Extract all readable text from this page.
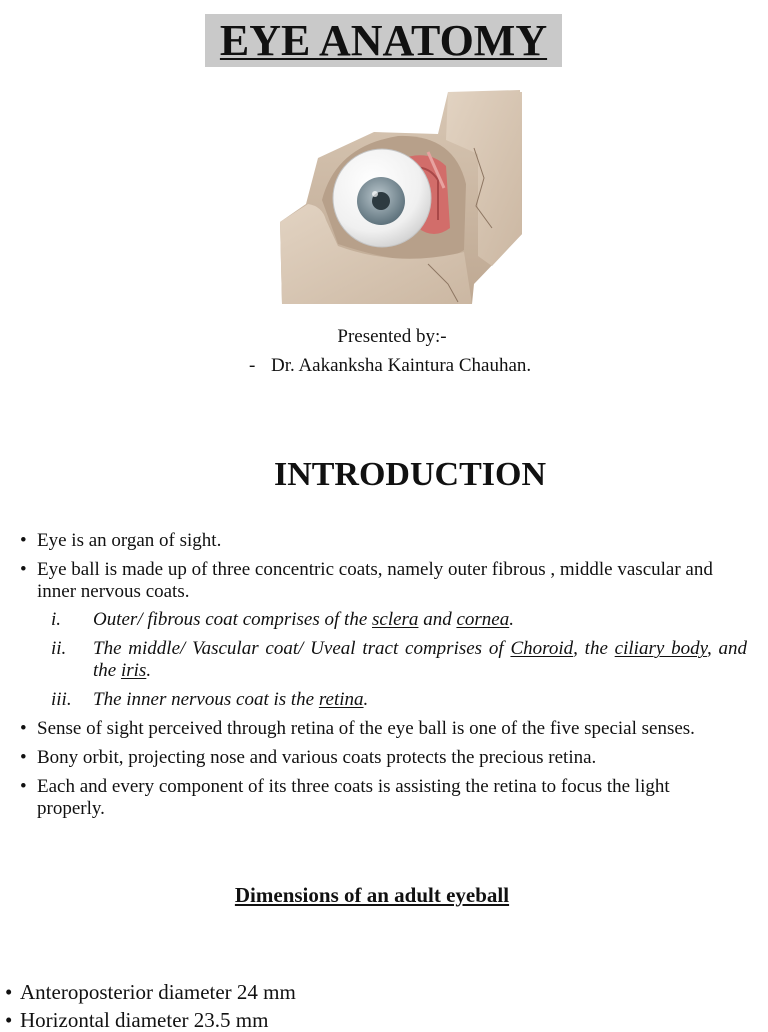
EYE ANATOMY
Presented by:-
- Dr. Aakanksha Kaintura Chauhan.
INTRODUCTION
• Eye is an organ of sight.
• Eye ball is made up of three concentric coats, namely outer fibrous , middle vascular and inner nervous coats.
i. Outer/ fibrous coat comprises of the sclera and cornea.
ii. The middle/ Vascular coat/ Uveal tract comprises of Choroid, the ciliary body, and the iris.
iii. The inner nervous coat is the retina.
• Sense of sight perceived through retina of the eye ball is one of the five special senses.
• Bony orbit, projecting nose and various coats protects the precious retina.
• Each and every component of its three coats is assisting the retina to focus the light properly.
Dimensions of an adult eyeball
• Anteroposterior diameter 24 mm
• Horizontal diameter 23.5 mm
